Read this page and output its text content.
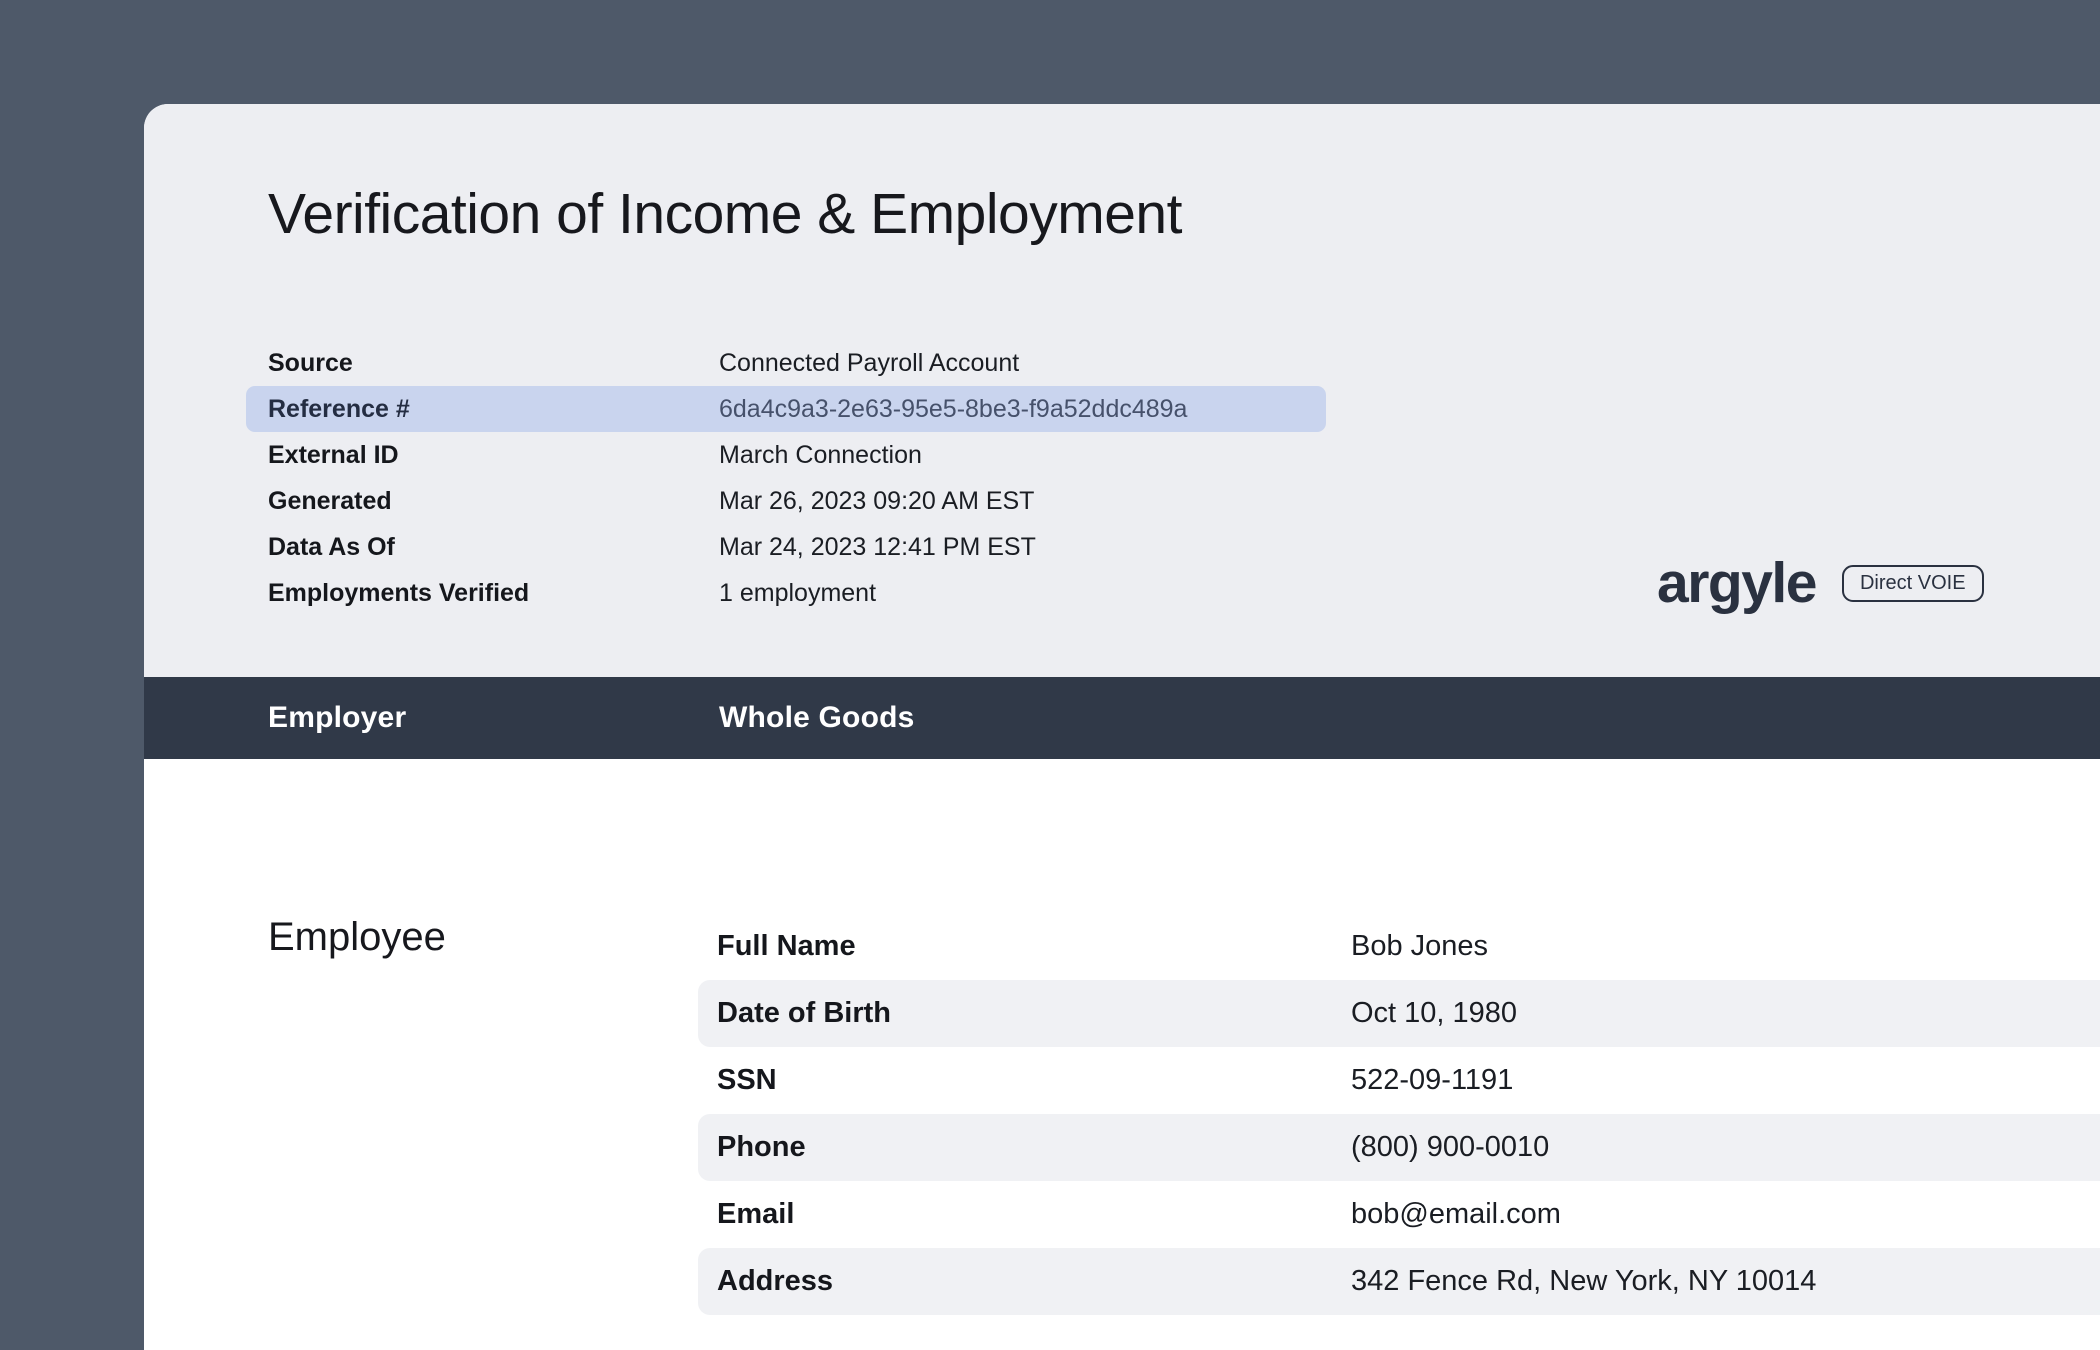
Verification of Income & Employment
Source	Connected Payroll Account
Reference #	6da4c9a3-2e63-95e5-8be3-f9a52ddc489a
External ID	March Connection
Generated	Mar 26, 2023 09:20 AM EST
Data As Of	Mar 24, 2023 12:41 PM EST
Employments Verified	1 employment	argyle	Direct VOIE
Employer	Whole Goods
Employee	Full Name	Bob Jones
Date of Birth	Oct 10, 1980
SSN	522-09-1191
Phone	(800) 900-0010
Email	bob@email.com
Address	342 Fence Rd, New York, NY 10014
